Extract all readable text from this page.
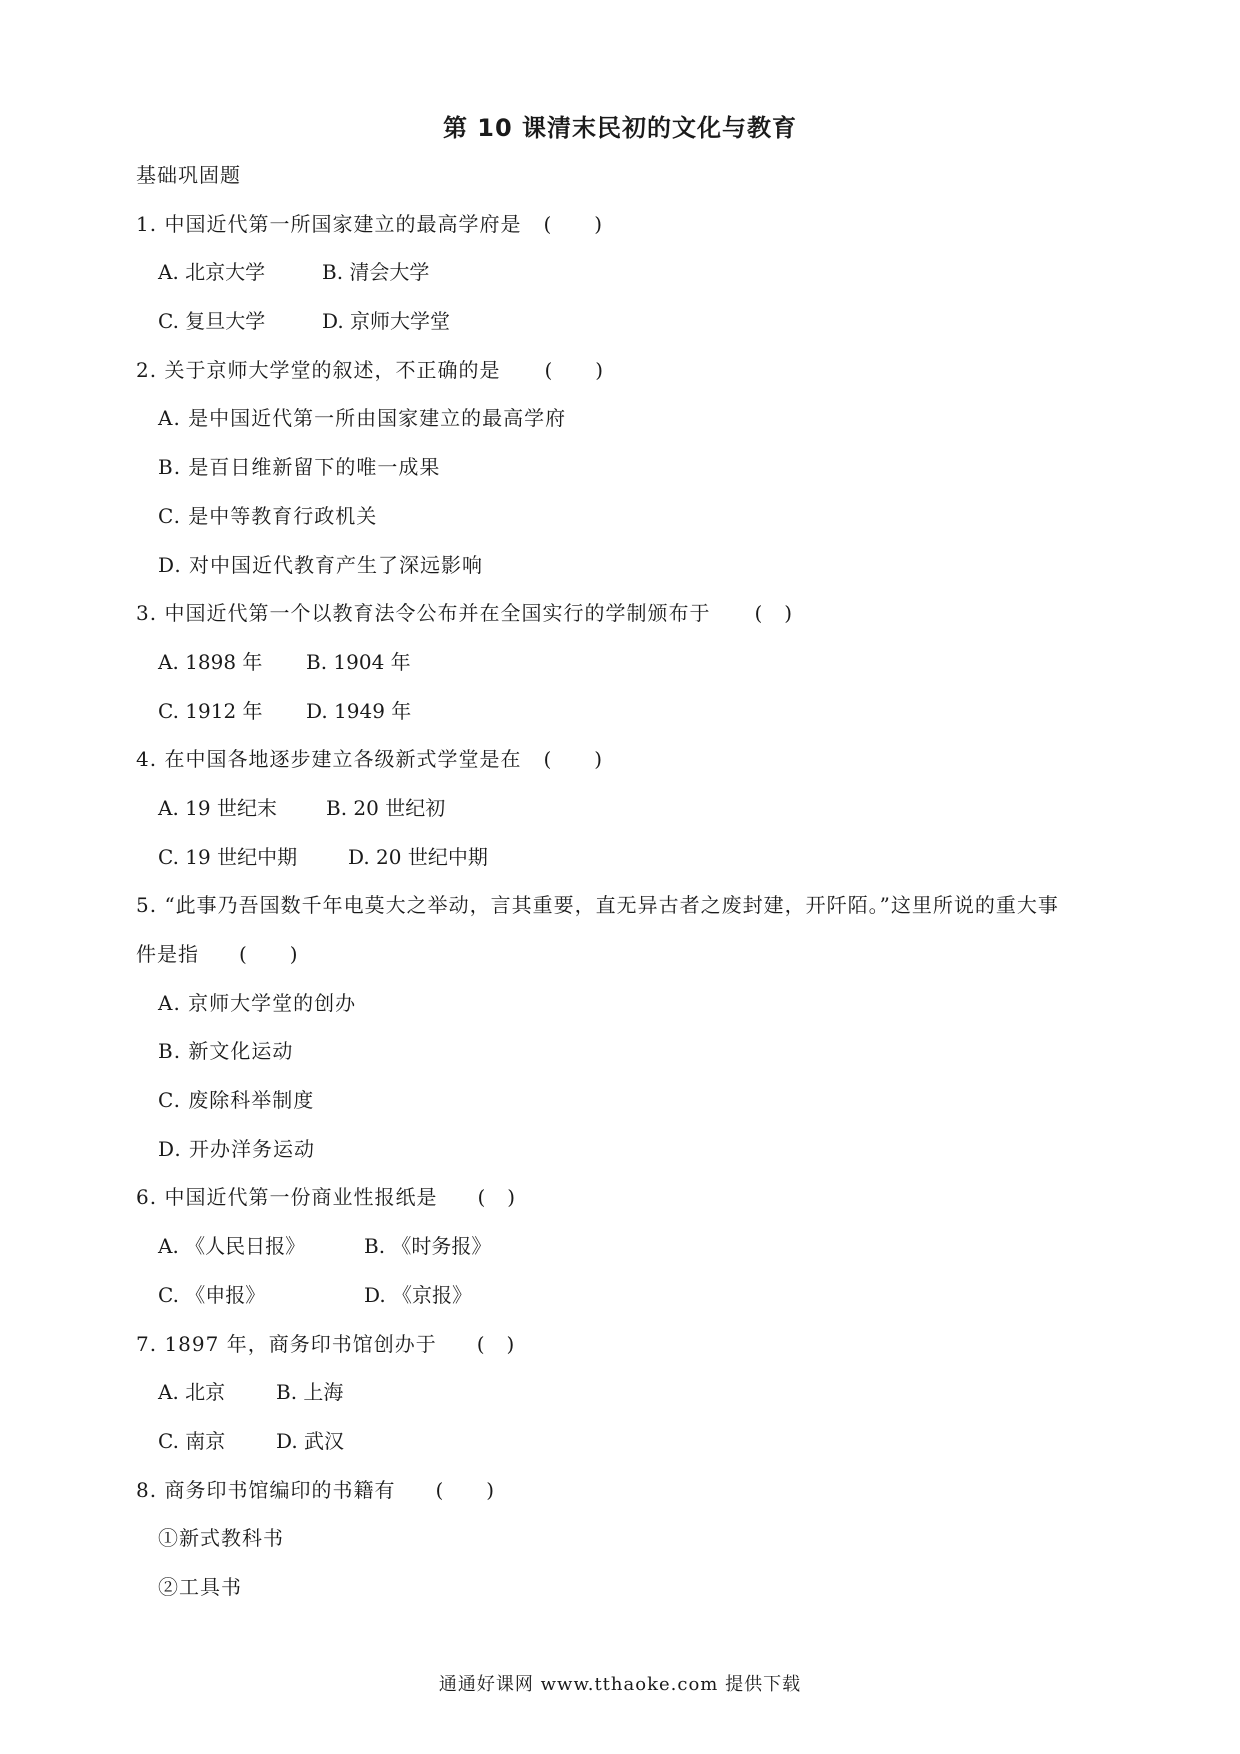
第 10 课清末民初的文化与教育
基础巩固题
1. 中国近代第一所国家建立的最高学府是 (　　)
A. 北京大学	B. 清会大学
C. 复旦大学	D. 京师大学堂
2. 关于京师大学堂的叙述，不正确的是 (　　)
A. 是中国近代第一所由国家建立的最高学府
B. 是百日维新留下的唯一成果
C. 是中等教育行政机关
D. 对中国近代教育产生了深远影响
3. 中国近代第一个以教育法令公布并在全国实行的学制颁布于 (　)
A. 1898 年	B. 1904 年
C. 1912 年	D. 1949 年
4. 在中国各地逐步建立各级新式学堂是在 (　　)
A. 19 世纪末	B. 20 世纪初
C. 19 世纪中期	D. 20 世纪中期
5. “此事乃吾国数千年电莫大之举动，言其重要，直无异古者之废封建，开阡陌。”这里所说的重大事
件是指 (　　)
A. 京师大学堂的创办
B. 新文化运动
C. 废除科举制度
D. 开办洋务运动
6. 中国近代第一份商业性报纸是 (　)
A. 《人民日报》	B. 《时务报》
C. 《申报》	D. 《京报》
7. 1897 年，商务印书馆创办于 (　)
A. 北京	B. 上海
C. 南京	D. 武汉
8. 商务印书馆编印的书籍有 (　　)
①新式教科书
②工具书
通通好课网 www.tthaoke.com 提供下载
